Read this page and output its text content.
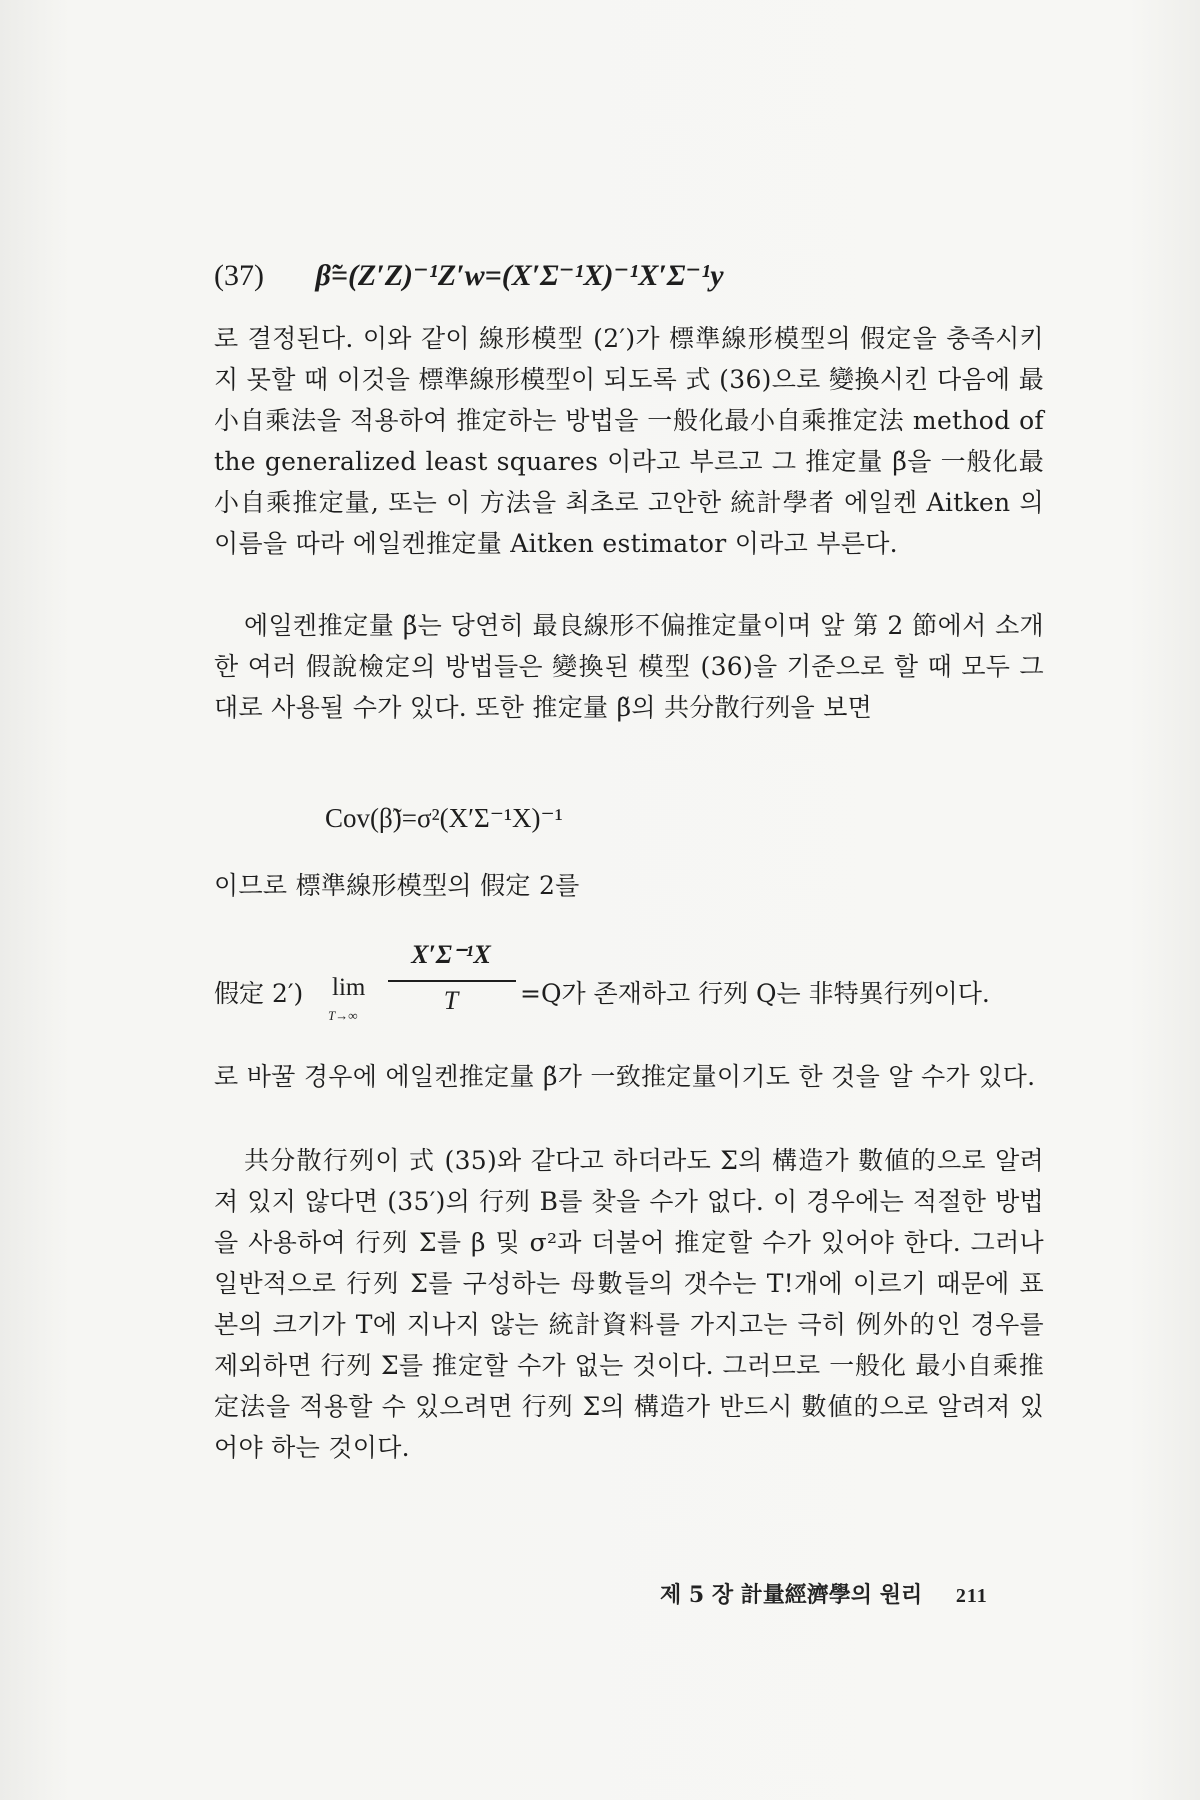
(37) β̃=(Z′Z)⁻¹Z′w=(X′Σ⁻¹X)⁻¹X′Σ⁻¹y

로 결정된다. 이와 같이 線形模型 (2′)가 標準線形模型의 假定을 충족시키지 못할 때 이것을 標準線形模型이 되도록 式 (36)으로 變換시킨 다음에 最小自乘法을 적용하여 推定하는 방법을 一般化最小自乘推定法 method of the generalized least squares 이라고 부르고 그 推定量 β̃을 一般化最小自乘推定量, 또는 이 方法을 최초로 고안한 統計學者 에일켄 Aitken 의 이름을 따라 에일켄推定量 Aitken estimator 이라고 부른다.

에일켄推定量 β̃는 당연히 最良線形不偏推定量이며 앞 第 2 節에서 소개한 여러 假說檢定의 방법들은 變換된 模型 (36)을 기준으로 할 때 모두 그대로 사용될 수가 있다. 또한 推定量 β̃의 共分散行列을 보면

Cov(β̃)=σ²(X′Σ⁻¹X)⁻¹

이므로 標準線形模型의 假定 2를

假定 2′) lim
T→∞
X′Σ⁻¹X
T	=Q가 존재하고 行列 Q는 非特異行列이다.

로 바꿀 경우에 에일켄推定量 β̃가 一致推定量이기도 한 것을 알 수가 있다.

共分散行列이 式 (35)와 같다고 하더라도 Σ의 構造가 數値的으로 알려져 있지 않다면 (35′)의 行列 B를 찾을 수가 없다. 이 경우에는 적절한 방법을 사용하여 行列 Σ를 β 및 σ²과 더불어 推定할 수가 있어야 한다. 그러나 일반적으로 行列 Σ를 구성하는 母數들의 갯수는 T!개에 이르기 때문에 표본의 크기가 T에 지나지 않는 統計資料를 가지고는 극히 例外的인 경우를 제외하면 行列 Σ를 推定할 수가 없는 것이다. 그러므로 一般化 最小自乘推定法을 적용할 수 있으려면 行列 Σ의 構造가 반드시 數値的으로 알려져 있어야 하는 것이다.

제 5 장 計量經濟學의 원리 211
